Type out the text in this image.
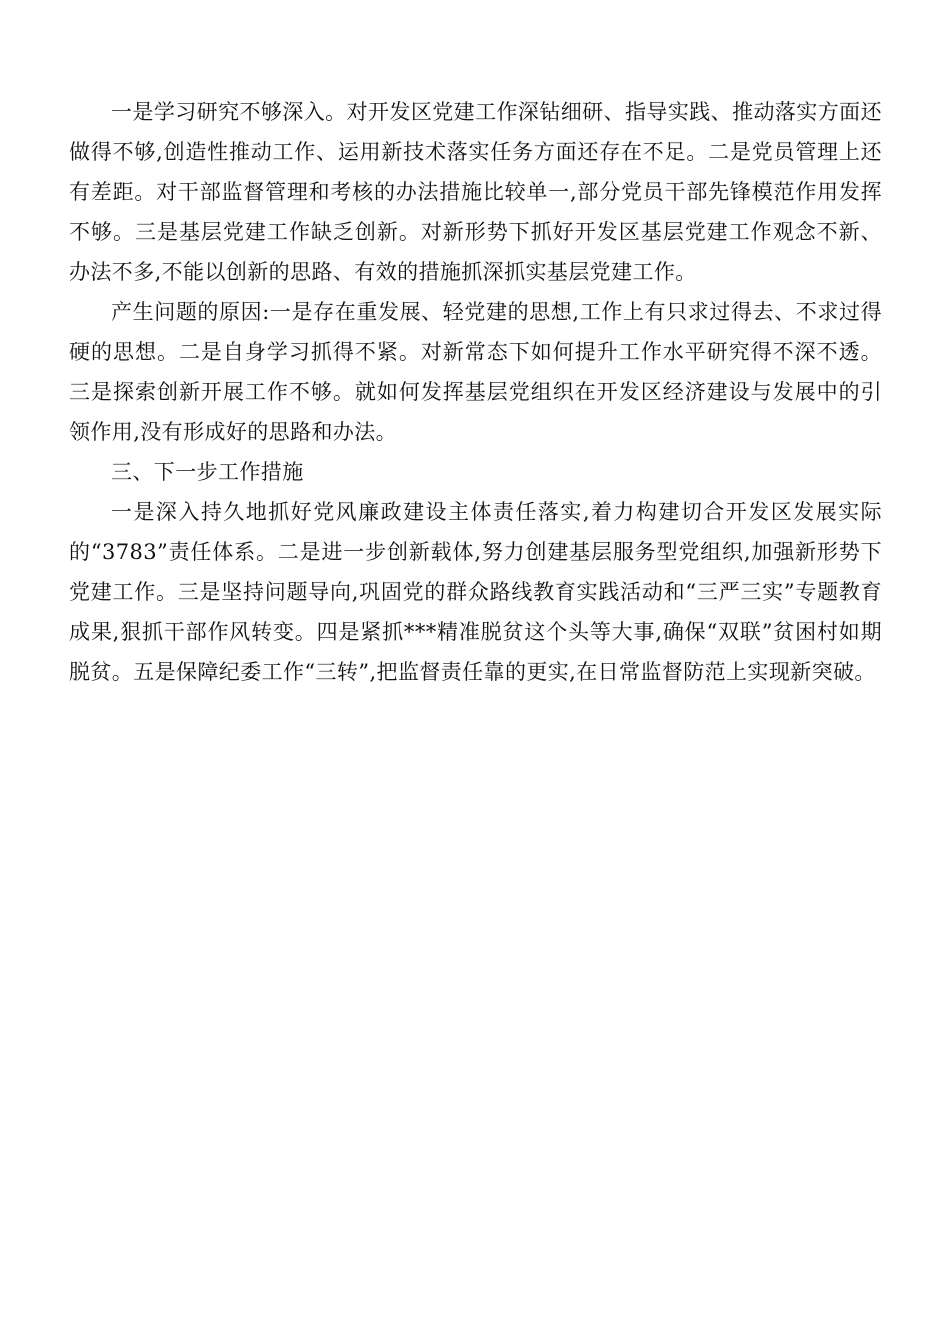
一是学习研究不够深入。对开发区党建工作深钻细研、指导实践、推动落实方面还做得不够,创造性推动工作、运用新技术落实任务方面还存在不足。二是党员管理上还有差距。对干部监督管理和考核的办法措施比较单一,部分党员干部先锋模范作用发挥不够。三是基层党建工作缺乏创新。对新形势下抓好开发区基层党建工作观念不新、办法不多,不能以创新的思路、有效的措施抓深抓实基层党建工作。

产生问题的原因:一是存在重发展、轻党建的思想,工作上有只求过得去、不求过得硬的思想。二是自身学习抓得不紧。对新常态下如何提升工作水平研究得不深不透。三是探索创新开展工作不够。就如何发挥基层党组织在开发区经济建设与发展中的引领作用,没有形成好的思路和办法。

三、下一步工作措施

一是深入持久地抓好党风廉政建设主体责任落实,着力构建切合开发区发展实际的“3783”责任体系。二是进一步创新载体,努力创建基层服务型党组织,加强新形势下党建工作。三是坚持问题导向,巩固党的群众路线教育实践活动和“三严三实”专题教育成果,狠抓干部作风转变。四是紧抓***精准脱贫这个头等大事,确保“双联”贫困村如期脱贫。五是保障纪委工作“三转”,把监督责任靠的更实,在日常监督防范上实现新突破。
